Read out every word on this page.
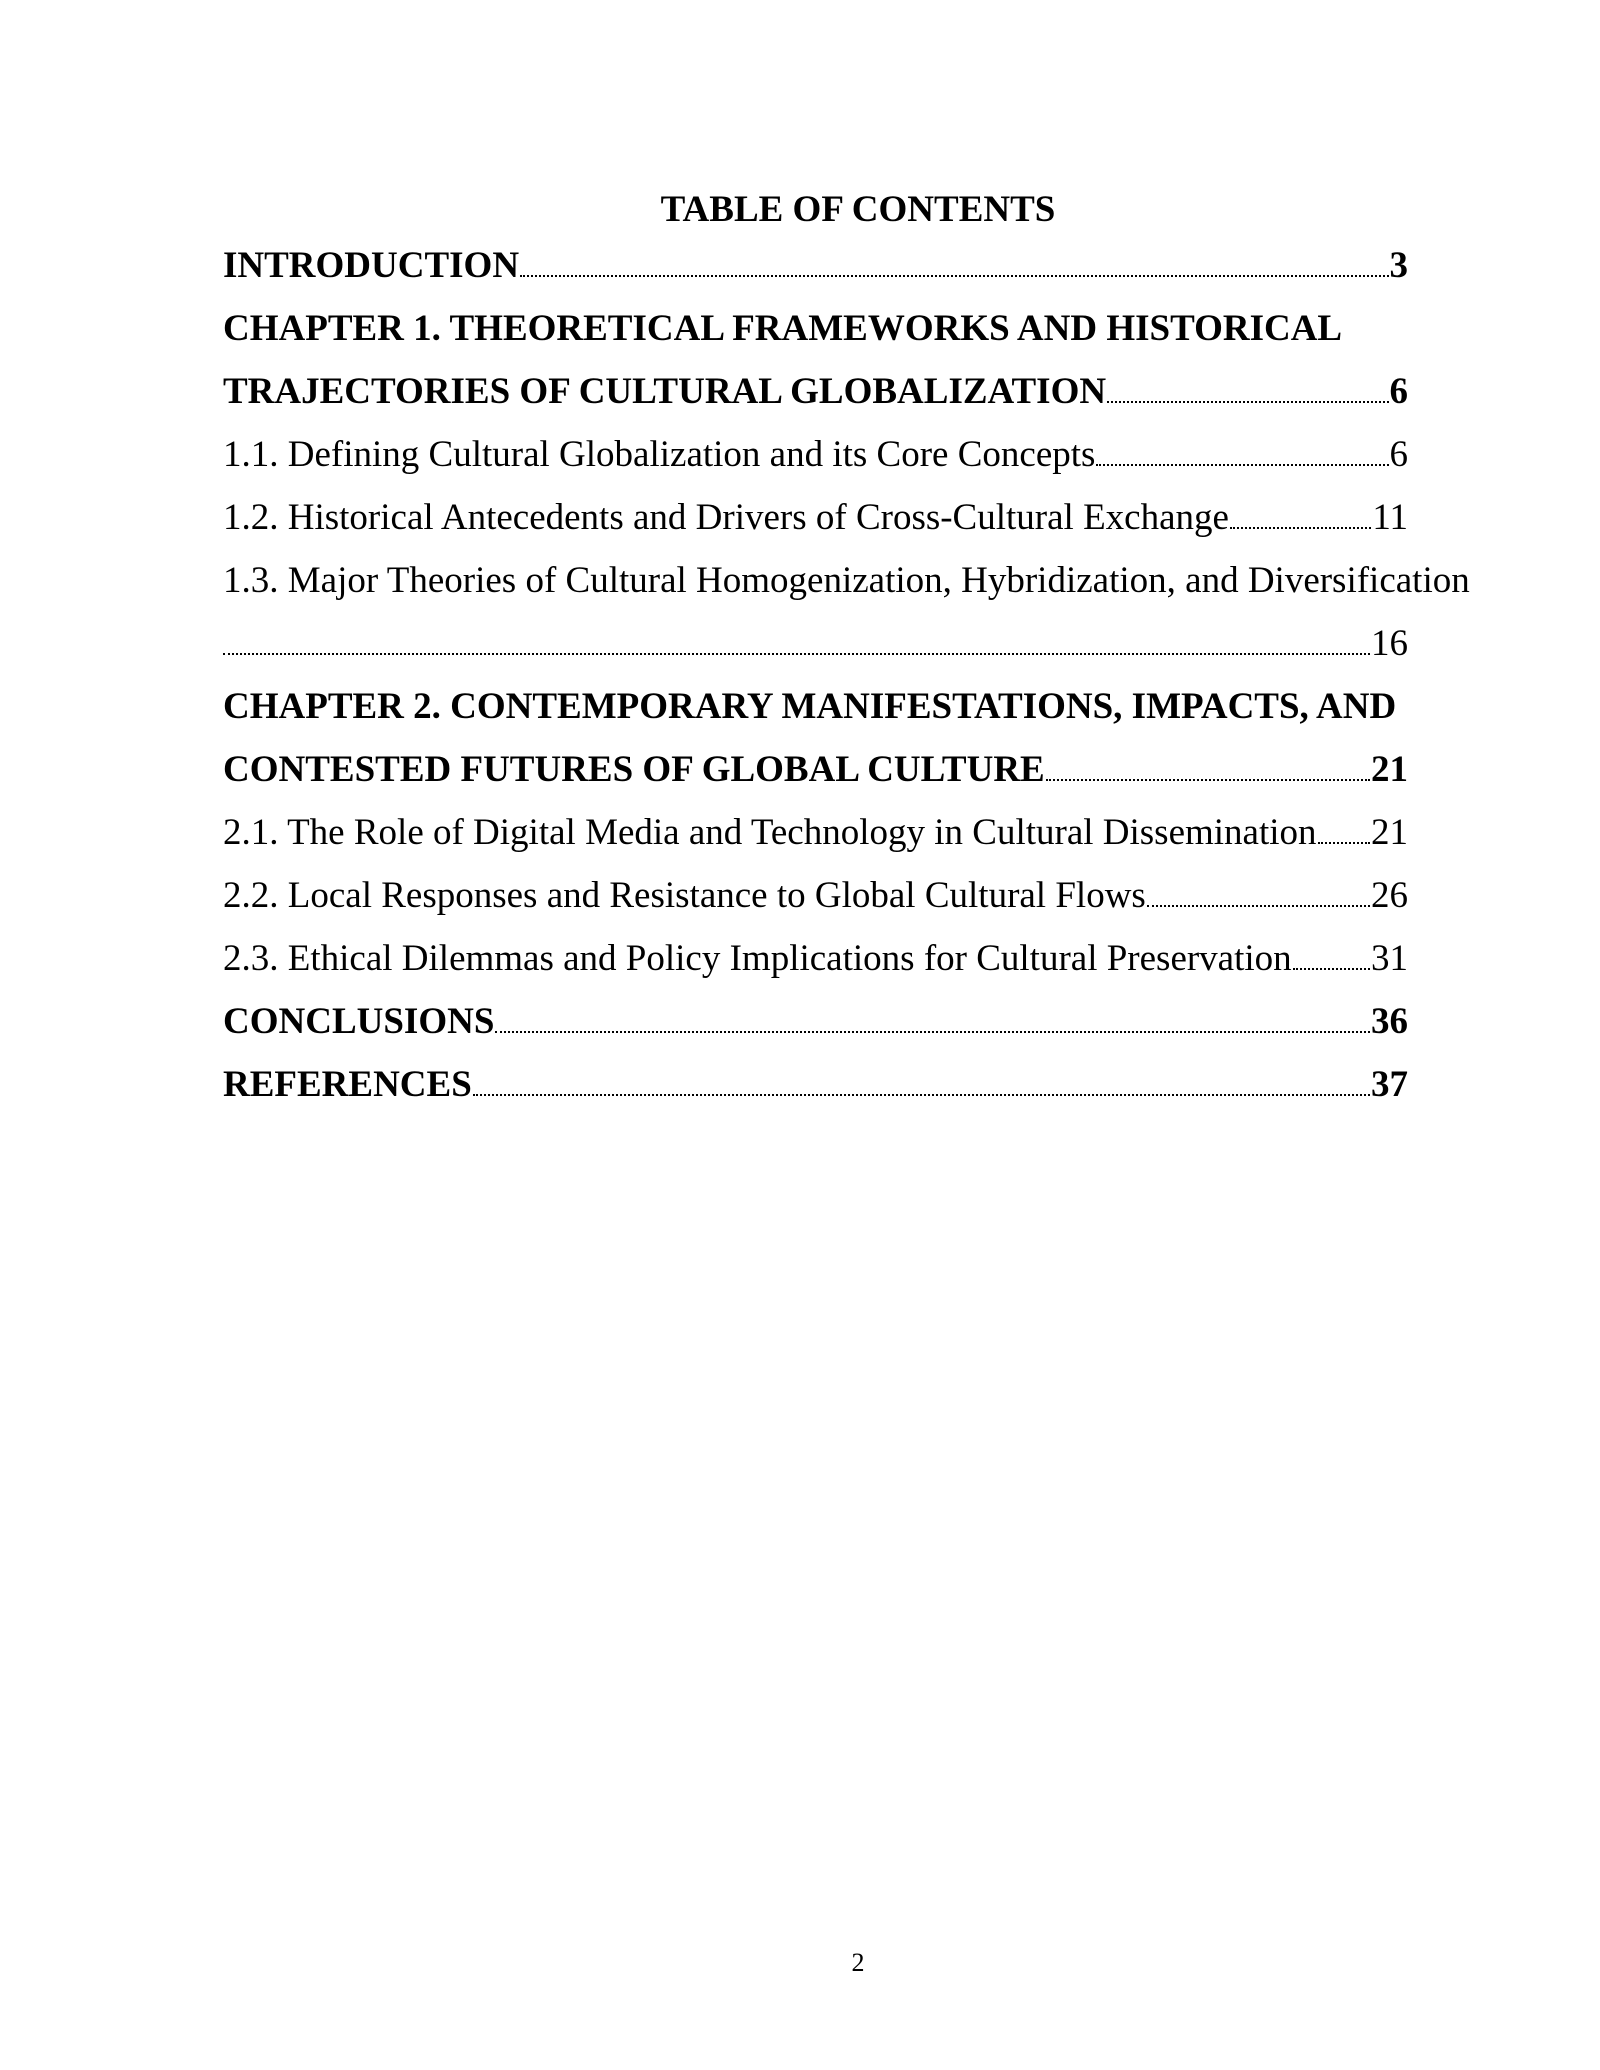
TABLE OF CONTENTS
INTRODUCTION	3
CHAPTER 1. THEORETICAL FRAMEWORKS AND HISTORICAL
TRAJECTORIES OF CULTURAL GLOBALIZATION	6
1.1. Defining Cultural Globalization and its Core Concepts	6
1.2. Historical Antecedents and Drivers of Cross-Cultural Exchange	11
1.3. Major Theories of Cultural Homogenization, Hybridization, and Diversification
16
CHAPTER 2. CONTEMPORARY MANIFESTATIONS, IMPACTS, AND
CONTESTED FUTURES OF GLOBAL CULTURE	21
2.1. The Role of Digital Media and Technology in Cultural Dissemination 21
2.2. Local Responses and Resistance to Global Cultural Flows	26
2.3. Ethical Dilemmas and Policy Implications for Cultural Preservation 31
CONCLUSIONS	36
REFERENCES	37
2
